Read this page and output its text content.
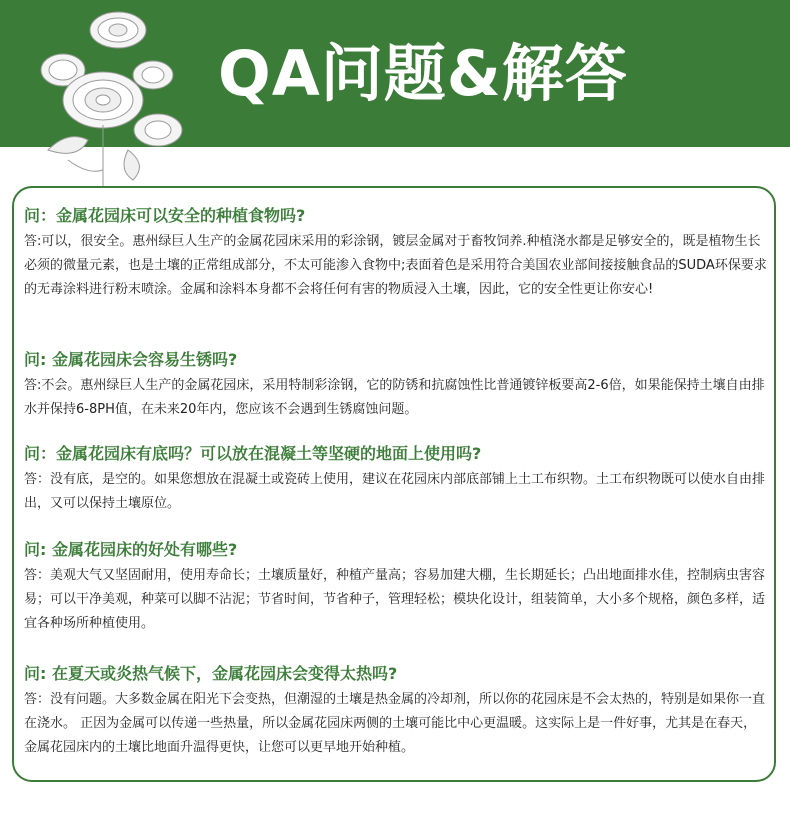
QA问题&解答
问：金属花园床可以安全的种植食物吗?
答:可以，很安全。惠州绿巨人生产的金属花园床采用的彩涂钢，镀层金属对于畜牧饲养.种植浇水都是足够安全的，既是植物生长必须的微量元素，也是土壤的正常组成部分，不太可能渗入食物中;表面着色是采用符合美国农业部间接接触食品的SUDA环保要求的无毒涂料进行粉末喷涂。金属和涂料本身都不会将任何有害的物质浸入土壤，因此，它的安全性更让你安心!
问: 金属花园床会容易生锈吗?
答:不会。惠州绿巨人生产的金属花园床，采用特制彩涂钢，它的防锈和抗腐蚀性比普通镀锌板要高2-6倍，如果能保持土壤自由排水并保持6-8PH值，在未来20年内，您应该不会遇到生锈腐蚀问题。
问：金属花园床有底吗？可以放在混凝土等坚硬的地面上使用吗?
答：没有底，是空的。如果您想放在混凝土或瓷砖上使用，建议在花园床内部底部铺上土工布织物。土工布织物既可以使水自由排出，又可以保持土壤原位。
问: 金属花园床的好处有哪些?
答：美观大气又坚固耐用，使用寿命长；土壤质量好，种植产量高；容易加建大棚，生长期延长；凸出地面排水佳，控制病虫害容易；可以干净美观，种菜可以脚不沾泥；节省时间，节省种子，管理轻松；模块化设计，组装简单，大小多个规格，颜色多样，适宜各种场所种植使用。
问: 在夏天或炎热气候下，金属花园床会变得太热吗?
答：没有问题。大多数金属在阳光下会变热，但潮湿的土壤是热金属的冷却剂，所以你的花园床是不会太热的，特别是如果你一直在浇水。 正因为金属可以传递一些热量，所以金属花园床两侧的土壤可能比中心更温暖。这实际上是一件好事，尤其是在春天，金属花园床内的土壤比地面升温得更快，让您可以更早地开始种植。
